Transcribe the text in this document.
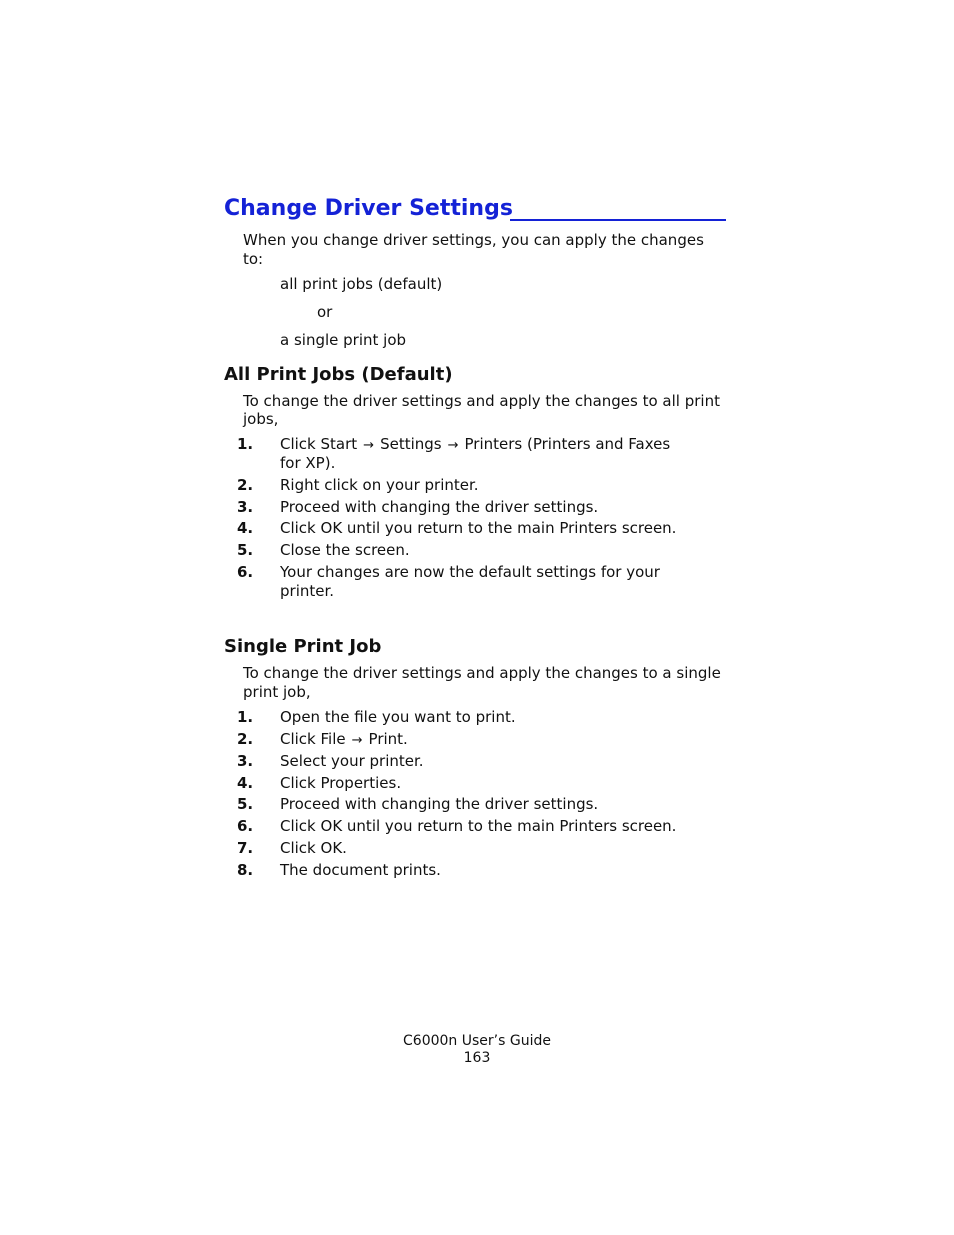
Change Driver Settings
When you change driver settings, you can apply the changes
to:
all print jobs (default)
or
a single print job
All Print Jobs (Default)
To change the driver settings and apply the changes to all print
jobs,
1. Click Start → Settings → Printers (Printers and Faxes
for XP).
2. Right click on your printer.
3. Proceed with changing the driver settings.
4. Click OK until you return to the main Printers screen.
5. Close the screen.
6. Your changes are now the default settings for your
printer.
Single Print Job
To change the driver settings and apply the changes to a single
print job,
1. Open the file you want to print.
2. Click File → Print.
3. Select your printer.
4. Click Properties.
5. Proceed with changing the driver settings.
6. Click OK until you return to the main Printers screen.
7. Click OK.
8. The document prints.
C6000n User’s Guide
163
